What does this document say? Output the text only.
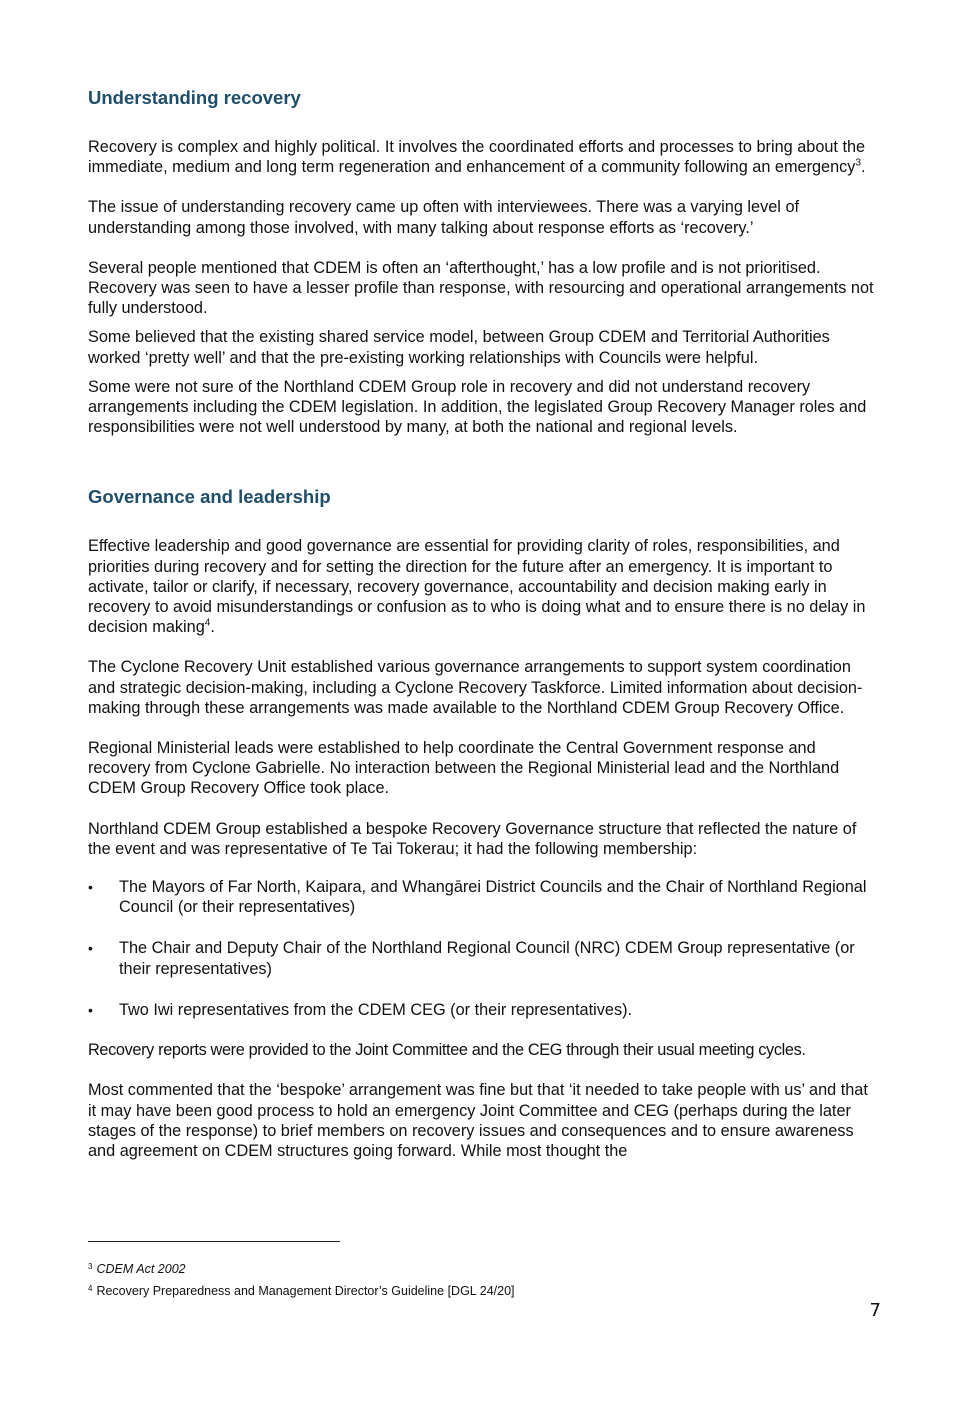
Understanding recovery

Recovery is complex and highly political. It involves the coordinated efforts and processes to bring about the immediate, medium and long term regeneration and enhancement of a community following an emergency$^3$.

The issue of understanding recovery came up often with interviewees. There was a varying level of understanding among those involved, with many talking about response efforts as ‘recovery.’

Several people mentioned that CDEM is often an ‘afterthought,’ has a low profile and is not prioritised. Recovery was seen to have a lesser profile than response, with resourcing and operational arrangements not fully understood.

Some believed that the existing shared service model, between Group CDEM and Territorial Authorities worked ‘pretty well’ and that the pre-existing working relationships with Councils were helpful.

Some were not sure of the Northland CDEM Group role in recovery and did not understand recovery arrangements including the CDEM legislation. In addition, the legislated Group Recovery Manager roles and responsibilities were not well understood by many, at both the national and regional levels.

Governance and leadership

Effective leadership and good governance are essential for providing clarity of roles, responsibilities, and priorities during recovery and for setting the direction for the future after an emergency. It is important to activate, tailor or clarify, if necessary, recovery governance, accountability and decision making early in recovery to avoid misunderstandings or confusion as to who is doing what and to ensure there is no delay in decision making$^4$.

The Cyclone Recovery Unit established various governance arrangements to support system coordination and strategic decision-making, including a Cyclone Recovery Taskforce. Limited information about decision-making through these arrangements was made available to the Northland CDEM Group Recovery Office.

Regional Ministerial leads were established to help coordinate the Central Government response and recovery from Cyclone Gabrielle. No interaction between the Regional Ministerial lead and the Northland CDEM Group Recovery Office took place.

Northland CDEM Group established a bespoke Recovery Governance structure that reflected the nature of the event and was representative of Te Tai Tokerau; it had the following membership:

• The Mayors of Far North, Kaipara, and Whangārei District Councils and the Chair of Northland Regional Council (or their representatives)
• The Chair and Deputy Chair of the Northland Regional Council (NRC) CDEM Group representative (or their representatives)
• Two Iwi representatives from the CDEM CEG (or their representatives).

Recovery reports were provided to the Joint Committee and the CEG through their usual meeting cycles.

Most commented that the ‘bespoke’ arrangement was fine but that ‘it needed to take people with us’ and that it may have been good process to hold an emergency Joint Committee and CEG (perhaps during the later stages of the response) to brief members on recovery issues and consequences and to ensure awareness and agreement on CDEM structures going forward. While most thought the

$^3$ CDEM Act 2002
$^4$ Recovery Preparedness and Management Director’s Guideline [DGL 24/20]
7
